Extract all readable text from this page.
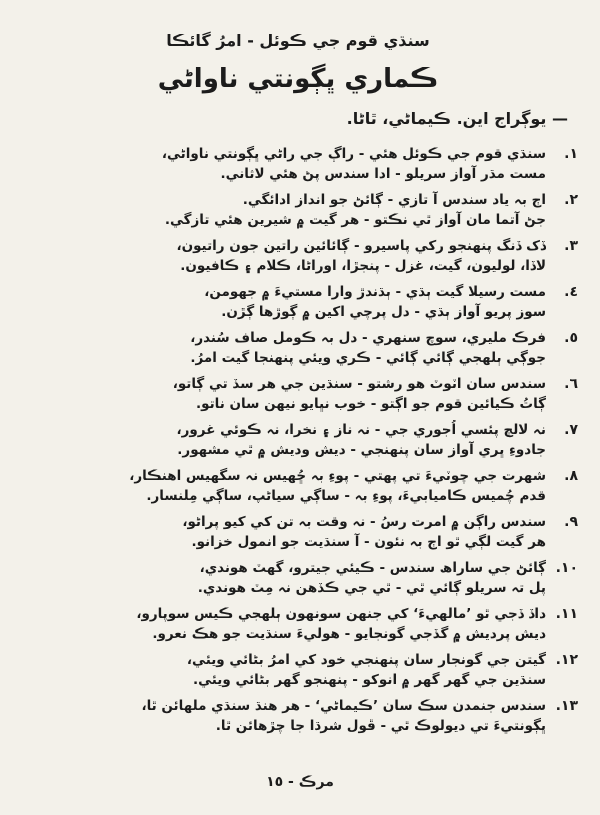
سنڌي قوم جي ڪوئل - امرُ گائڪا
ڪماري ڀڳونتي ناواڻي
— يوڳراج اين. ڪيماڻي، ٿاڻا.
١.
سنڌي قوم جي ڪوئل هئي - راڳ جي راڻي ڀڳونتي ناواڻي،
مست مڌر آواز سريلو - ادا سندس پڻ هئي لاثاني.
٢.
اڄ بہ ياد سندس آ تازي - ڳائڻ جو انداز ادائگي.
جڻ آتما مان آواز ٿي نڪتو - هر گيت ۾ شيرين هئي تازگي.
٣.
ڏک ڏنگ پنهنجو رکي پاسيرو - ڳائائين راتين جون راتيون،
لاڏا، لوليون، گيت، غزل - پنجڙا، اوراڻا، ڪلام ۽ ڪافيون.
٤.
مست رسيلا گيت ٻڌي - ٻڌندڙ وارا مستيءَ ۾ جهومن،
سوز پريو آواز ٻڌي - دل پرچي اکين ۾ ڳوڙها ڳڙن.
٥.
فرڪ مليري، سوچ سنهري - دل بہ ڪومل صاف سُندر،
جوڳي ٻلهجي ڳائي ڳائي - ڪري ويئي پنهنجا گيت امرُ.
٦.
سندس سان اٽوٽ هو رشتو - سنڌين جي هر سڏ تي ڳاتو،
ڳاتُ ڪيائين قوم جو اڳتو - خوب نڀايو نيهن سان ناتو.
٧.
نہ لالچ پئسي اُجوري جي - نہ ناز ۽ نخرا، نہ ڪوئي غرور،
جادوءِ ڀري آواز سان پنهنجي - ديش وديش ۾ ٿي مشهور.
٨.
شهرت جي چوٽيءَ تي پهتي - پوءِ بہ ڇُهيس نہ سگهيس اهنڪار،
قدم چُميس ڪاميابيءَ، پوءِ بہ - ساڳي سياڻپ، ساڳي مِلنسار.
٩.
سندس راڳن ۾ امرت رسُ - نہ وقت بہ تن کي کيو پراڻو،
هر گيت لڳي ٿو اڄ بہ نئون - آ سنڌيت جو انمول خزانو.
١٠.
ڳائڻ جي ساراھ سندس - ڪيئي جيترو، گهٽ هوندي،
پل تہ سريلو ڳائي ٿي - ٿي جي ڪڏهن نہ مِٽ هوندي.
١١.
داڏ ڏجي ٿو ’مالهيءَ‘ کي جنهن سونهون ٻلهجي ڪيس سوپارو،
ديش پرديش ۾ گڏجي گونجايو - هوليءَ سنڌيت جو هڪ نعرو.
١٢.
گيتن جي گونجار سان پنهنجي خود کي امرُ بڻائي ويئي،
سنڌين جي گهر گهر ۾ انوکو - پنهنجو گهر بڻائي ويئي.
١٣.
سندس جنمدن سڪ سان ’ڪيماڻي‘ - هر هنڌ سنڌي ملهائن ٿا،
ڀڳونتيءَ تي ديولوڪ ٿي - ڦول شرڌا جا چڙهائن ٿا.
مرڪ - ١٥
